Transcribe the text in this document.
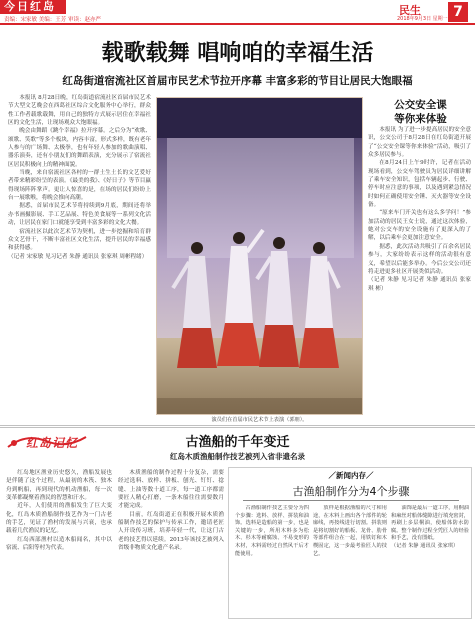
今日红岛
责编：宋家敏 美编：王芳 审读：赵亦严
民生
2018年9月3日 星期一 7
载歌载舞 唱响咱的幸福生活
红岛街道宿流社区首届市民艺术节拉开序幕 丰富多彩的节目让居民大饱眼福

本报讯 8月28日晚，红岛街道宿流社区首届市民艺术节大型文艺晚会在西葛社区综合文化服务中心举行，群众性工作者载歌载舞，用自己的独特方式展示居住在幸福社区的文化生活，让现场观众大饱眼福。

晚会由舞蹈《跳个幸福》拉开序幕。之后分为“欢歌、颂歌、笑歌”等多个板块，内容丰富，形式多样，既有老年人参与的广场舞、太极拳，也有年轻人参加的歌曲演唱、器乐演奏，还有小朋友们的舞蹈表演，充分展示了宿流社区居民积极向上的精神面貌。

当晚，来自宿流社区各村的一群土生土长的文艺爱好者带来精彩纷呈的表演。《最美的我》、《好日子》等节目赢得现场阵阵掌声。更让人惊喜的是，在场的居民们纷纷上台一展歌喉，将晚会推向高潮。

据悉，首届市民艺术节将持续到9月底，期间还将举办书画摄影展、手工艺品展、特色美食展等一系列文化活动，让居民在家门口就能享受到丰富多彩的文化大餐。

宿流社区以此次艺术节为契机，进一步挖掘和培育群众文艺骨干，不断丰富社区文化生活，提升居民的幸福感和获得感。

（记者 宋家敏 见习记者 朱静 通讯员 张家琪 周彬程绪）
演员们在首届市民艺术节上表演（郭朋）。
公交安全课
等你来体验

本报讯 为了进一步提高居民的安全意识，公交公司于8月28日在红岛街道开展了“公交安全课等你来体验”活动，吸引了众多居民参与。

在8月24日上午9时许，记者在活动现场看到，公交车驾驶员为居民详细讲解了乘车安全知识，包括车辆起步、行驶、停车时应注意的事项，以及遇到紧急情况时如何正确使用安全锤、灭火器等安全设备。

“原来车门开关也有这么多学问！”参加活动的居民王女士说，通过这次体验，她对公交车的安全设施有了更深入的了解，以后乘车会更加注意安全。

据悉，此次活动共吸引了百余名居民参与，大家纷纷表示这样的活动很有意义，希望以后能多举办。今后公交公司还将走进更多社区开展类似活动。

（记者 朱静 见习记者 朱静 通讯员 张家琪 彬）
红岛记忆	古渔船的千年变迁
红岛木质渔船制作技艺被列入省非遗名录

红岛地区渔业历史悠久，渔船发展也是伴随了这个过程，从最初的木筏、独木舟到帆船，再到现代的机动渔船，每一次变革都凝聚着渔民的智慧和汗水。

近年，人们使用的渔船发生了巨大变化，红岛木质渔船制作技艺作为一门古老的手艺，见证了渔村的发展与兴衰，也承载着几代渔民的记忆。

红岛西部渔村以造木船闻名，其中以宿流、后阳等村为代表。

木质渔船的制作过程十分复杂，需要经过选料、放样、拼板、刨光、钉钉、捻缝、上油等数十道工序，每一道工序都需要匠人精心打磨，一条木船往往需要数月才能完成。

目前，红岛街道正在积极开展木质渔船制作技艺的保护与传承工作，邀请老匠人开设传习班，培养年轻一代，让这门古老的技艺得以延续。2013年该技艺被列入省级非物质文化遗产名录。

／新闻内存／
古渔船制作分为4个步骤

古渔船制作技艺主要分为四个步骤：选料、放样、拼装和油饰。选料是造船的第一步，也是关键的一步，所用木料多为松木、杉木等耐腐蚀、不易变形的木材，木料需经过自然风干后才能使用。

放样是根据渔船的尺寸和用途，在木料上画出各个部件的轮廓线，再按线进行切割。拼装则是将切割好的船板、龙骨、肋骨等部件组合在一起，用铁钉和木楔固定，这一步最考验匠人的技艺。

油饰是最后一道工序，用桐油和麻丝对船体缝隙进行填充密封，再刷上多层桐油，使船体防水防腐。整个制作过程全凭匠人的经验和手艺，没有图纸。

（记者 朱静 通讯员 张家琪）
